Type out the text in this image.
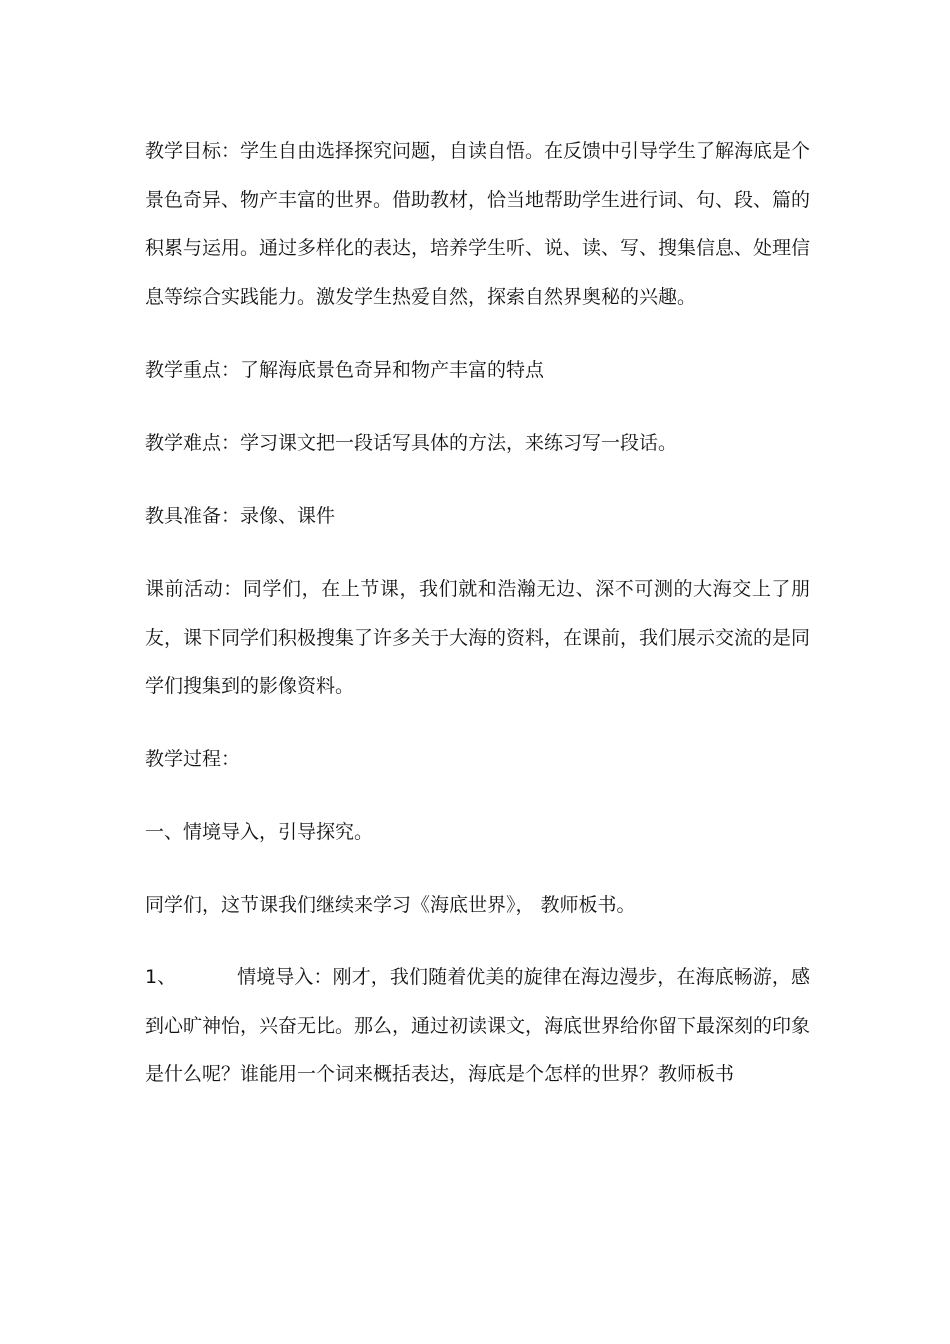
教学目标：学生自由选择探究问题，自读自悟。在反馈中引导学生了解海底是个景色奇异、物产丰富的世界。借助教材，恰当地帮助学生进行词、句、段、篇的积累与运用。通过多样化的表达，培养学生听、说、读、写、搜集信息、处理信息等综合实践能力。激发学生热爱自然，探索自然界奥秘的兴趣。

教学重点：了解海底景色奇异和物产丰富的特点

教学难点：学习课文把一段话写具体的方法，来练习写一段话。

教具准备：录像、课件

课前活动：同学们，在上节课，我们就和浩瀚无边、深不可测的大海交上了朋友，课下同学们积极搜集了许多关于大海的资料，在课前，我们展示交流的是同学们搜集到的影像资料。

教学过程：

一、情境导入，引导探究。

同学们，这节课我们继续来学习《海底世界》， 教师板书。

1、	情境导入：刚才，我们随着优美的旋律在海边漫步，在海底畅游，感到心旷神怡，兴奋无比。那么，通过初读课文，海底世界给你留下最深刻的印象是什么呢？谁能用一个词来概括表达，海底是个怎样的世界？教师板书
